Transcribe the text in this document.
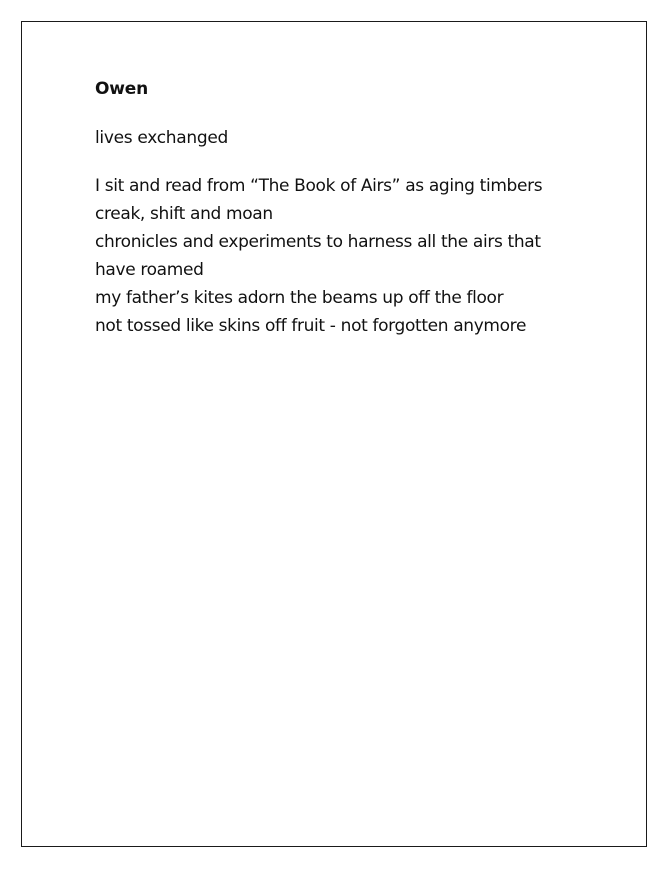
Owen
lives exchanged
I sit and read from “The Book of Airs” as aging timbers creak, shift and moan
chronicles and experiments to harness all the airs that have roamed
my father’s kites adorn the beams up off the floor
not tossed like skins off fruit - not forgotten anymore
